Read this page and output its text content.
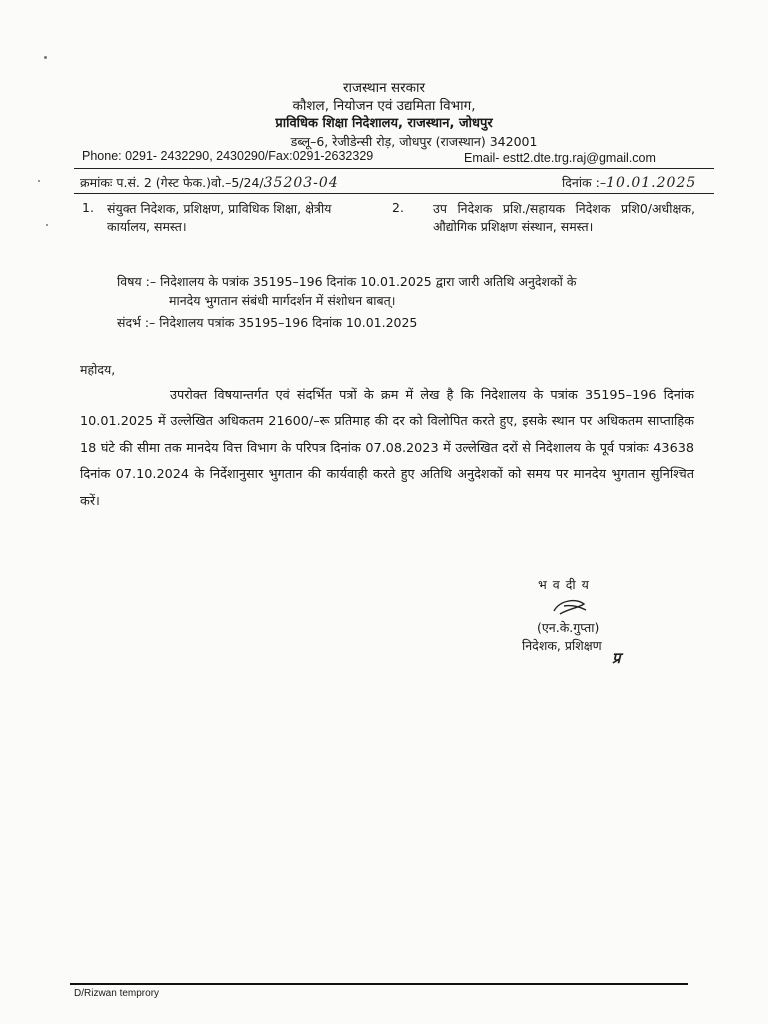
राजस्थान सरकार
कौशल, नियोजन एवं उद्यमिता विभाग,
प्राविधिक शिक्षा निदेशालय, राजस्थान, जोधपुर
डब्लू–6, रेजीडेन्सी रोड़, जोधपुर (राजस्थान) 342001
Phone: 0291- 2432290, 2430290/Fax:0291-2632329	Email- estt2.dte.trg.raj@gmail.com
क्रमांकः प.सं. 2 (गेस्ट फेक.)वो.–5/24/35203-04	दिनांक :–10.01.2025
1. संयुक्त निदेशक, प्रशिक्षण, प्राविधिक शिक्षा, क्षेत्रीय कार्यालय, समस्त।
2. उप निदेशक प्रशि./सहायक निदेशक प्रशि0/अधीक्षक, औद्योगिक प्रशिक्षण संस्थान, समस्त।
विषय :– निदेशालय के पत्रांक 35195–196 दिनांक 10.01.2025 द्वारा जारी अतिथि अनुदेशकों के
मानदेय भुगतान संबंधी मार्गदर्शन में संशोधन बाबत्।
संदर्भ :– निदेशालय पत्रांक 35195–196 दिनांक 10.01.2025
महोदय,
उपरोक्त विषयान्तर्गत एवं संदर्भित पत्रों के क्रम में लेख है कि निदेशालय के पत्रांक 35195–196 दिनांक 10.01.2025 में उल्लेखित अधिकतम 21600/–रू प्रतिमाह की दर को विलोपित करते हुए, इसके स्थान पर अधिकतम साप्ताहिक 18 घंटे की सीमा तक मानदेय वित्त विभाग के परिपत्र दिनांक 07.08.2023 में उल्लेखित दरों से निदेशालय के पूर्व पत्रांकः 43638 दिनांक 07.10.2024 के निर्देशानुसार भुगतान की कार्यवाही करते हुए अतिथि अनुदेशकों को समय पर मानदेय भुगतान सुनिश्चित करें।
भवदीय
(एन.के.गुप्ता)
निदेशक, प्रशिक्षण
प्र
D/Rizwan temprory
